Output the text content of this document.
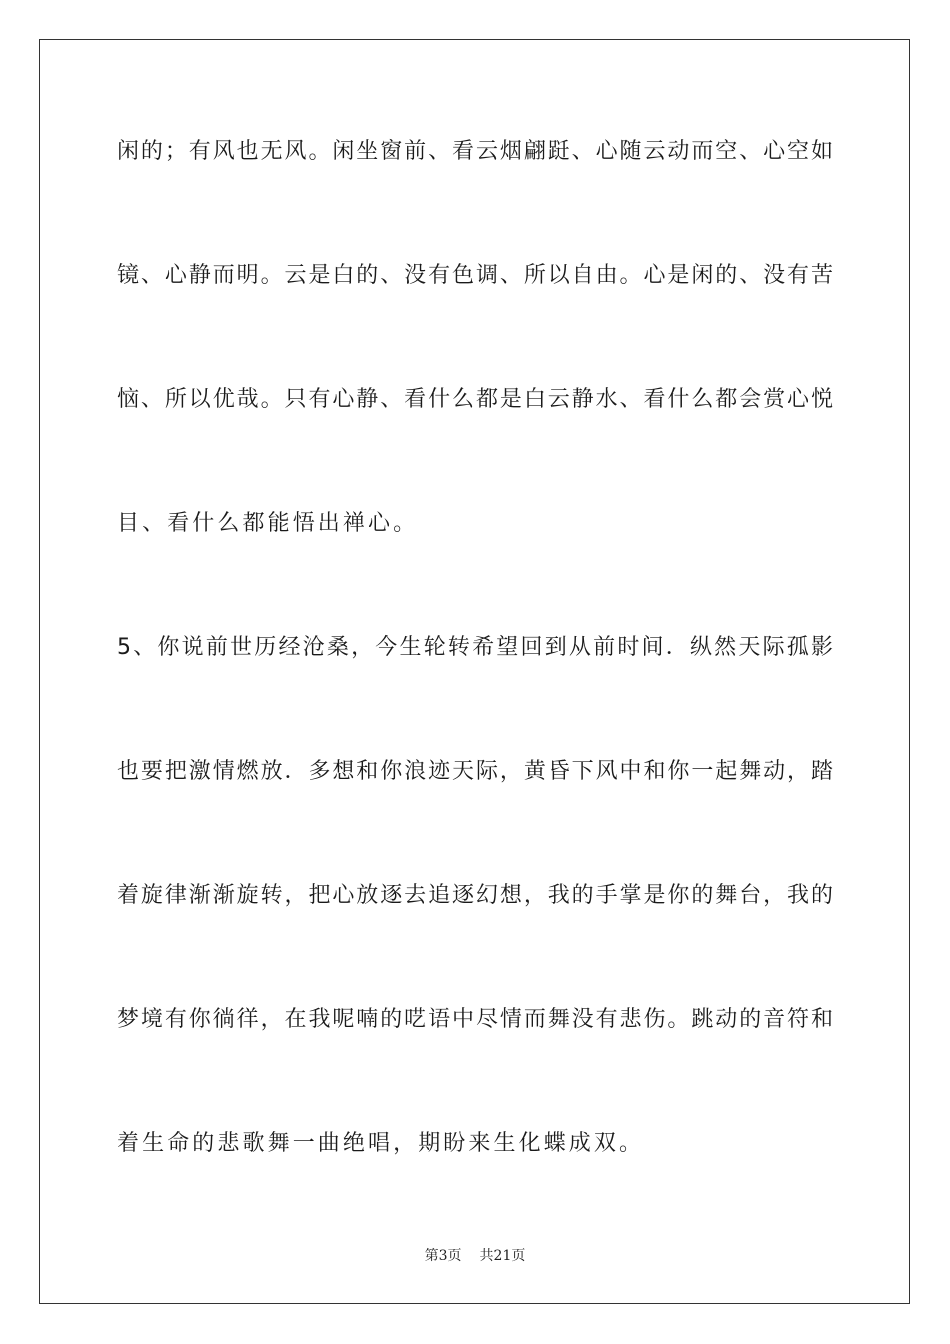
闲的；有风也无风。闲坐窗前、看云烟翩跹、心随云动而空、心空如
镜、心静而明。云是白的、没有色调、所以自由。心是闲的、没有苦
恼、所以优哉。只有心静、看什么都是白云静水、看什么都会赏心悦
目、看什么都能悟出禅心。
5、你说前世历经沧桑，今生轮转希望回到从前时间．纵然天际孤影
也要把激情燃放．多想和你浪迹天际，黄昏下风中和你一起舞动，踏
着旋律渐渐旋转，把心放逐去追逐幻想，我的手掌是你的舞台，我的
梦境有你徜徉，在我呢喃的呓语中尽情而舞没有悲伤。跳动的音符和
着生命的悲歌舞一曲绝唱，期盼来生化蝶成双。
第3页 共21页
